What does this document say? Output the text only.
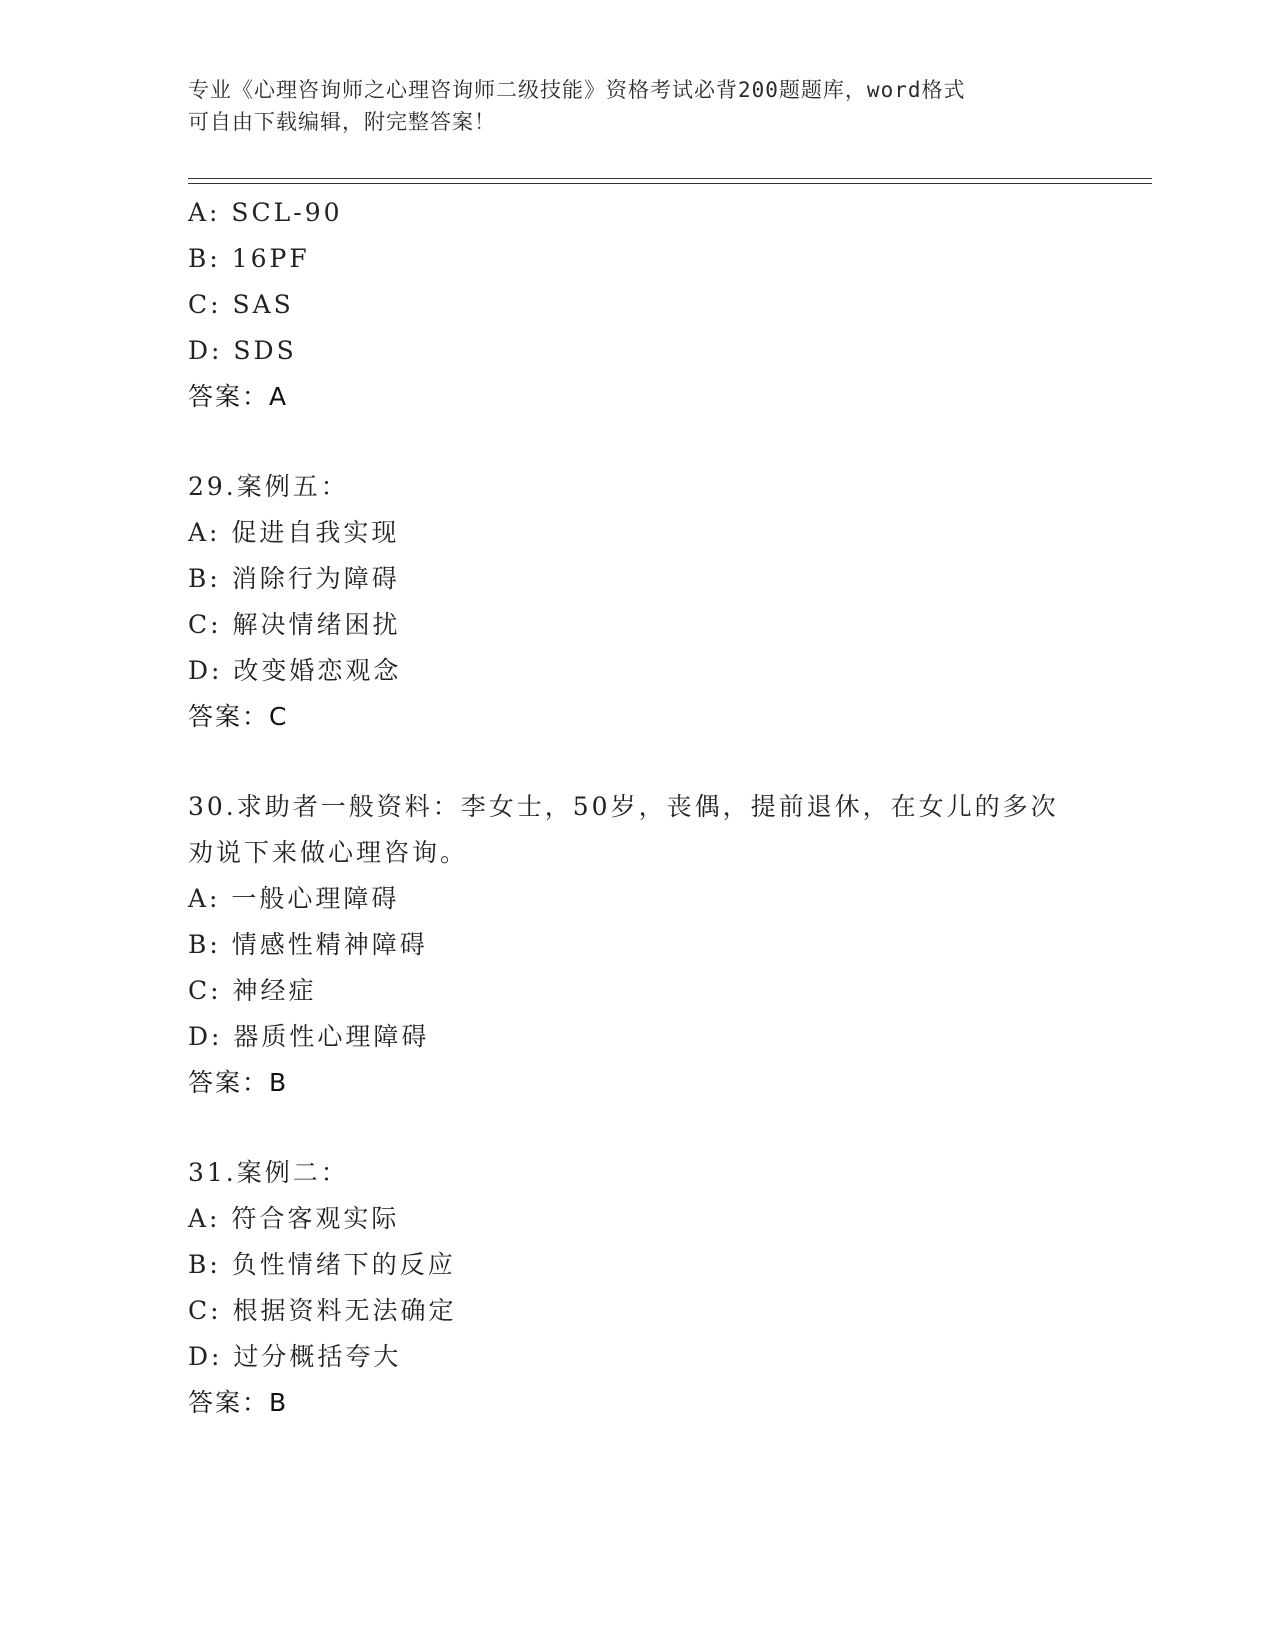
专业《心理咨询师之心理咨询师二级技能》资格考试必背200题题库，word格式
可自由下载编辑，附完整答案！
A: SCL-90
B: 16PF
C: SAS
D: SDS
答案：A
29.案例五：
A: 促进自我实现
B: 消除行为障碍
C: 解决情绪困扰
D: 改变婚恋观念
答案：C
30.求助者一般资料：李女士，50岁，丧偶，提前退休，在女儿的多次
劝说下来做心理咨询。
A: 一般心理障碍
B: 情感性精神障碍
C: 神经症
D: 器质性心理障碍
答案：B
31.案例二：
A: 符合客观实际
B: 负性情绪下的反应
C: 根据资料无法确定
D: 过分概括夸大
答案：B
